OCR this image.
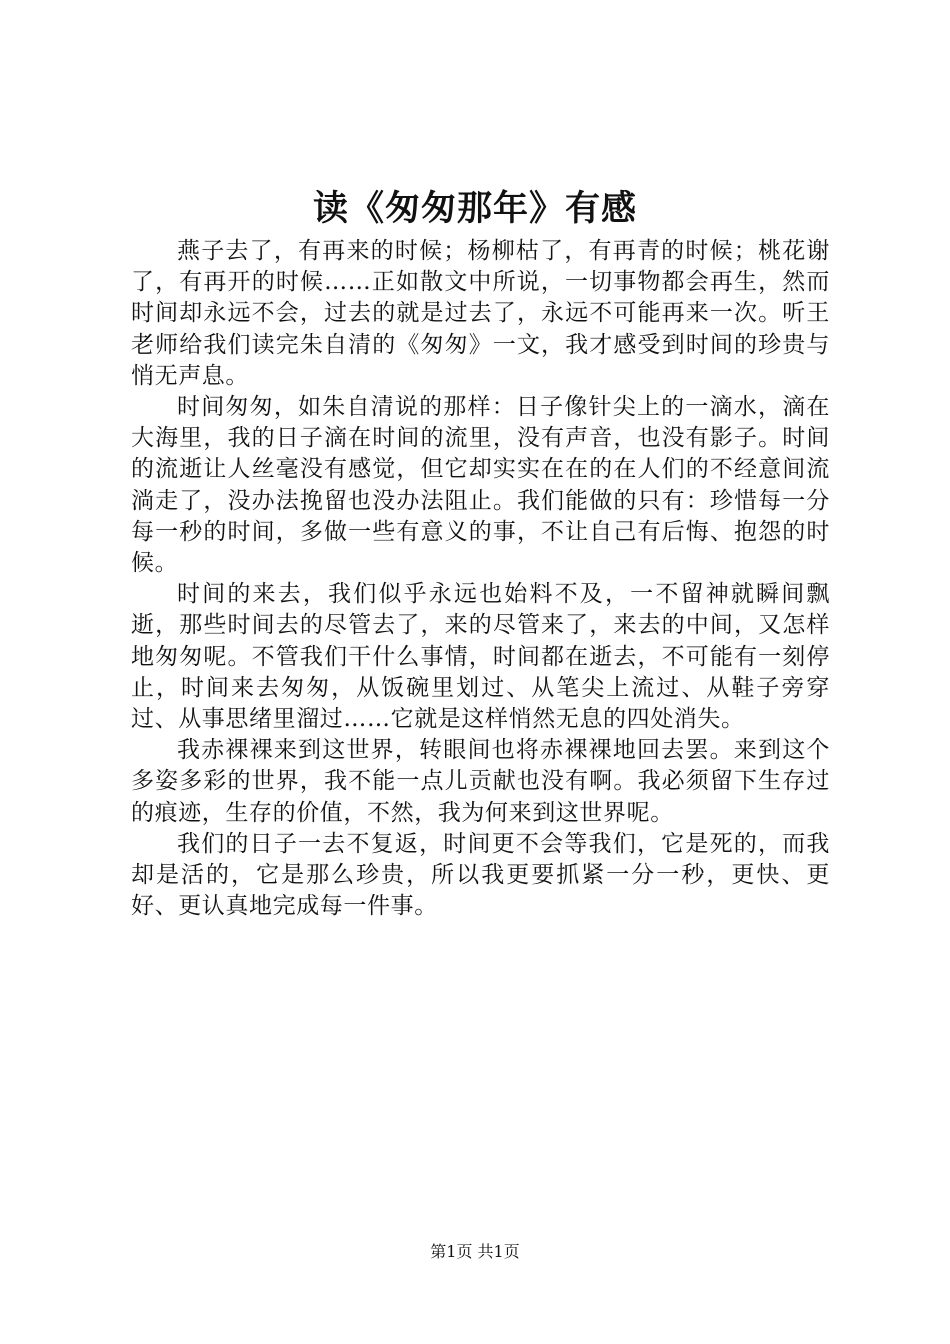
读《匆匆那年》有感

燕子去了，有再来的时候；杨柳枯了，有再青的时候；桃花谢了，有再开的时候……正如散文中所说，一切事物都会再生，然而时间却永远不会，过去的就是过去了，永远不可能再来一次。听王老师给我们读完朱自清的《匆匆》一文，我才感受到时间的珍贵与悄无声息。

时间匆匆，如朱自清说的那样：日子像针尖上的一滴水，滴在大海里，我的日子滴在时间的流里，没有声音，也没有影子。时间的流逝让人丝毫没有感觉，但它却实实在在的在人们的不经意间流淌走了，没办法挽留也没办法阻止。我们能做的只有：珍惜每一分每一秒的时间，多做一些有意义的事，不让自己有后悔、抱怨的时候。

时间的来去，我们似乎永远也始料不及，一不留神就瞬间飘逝，那些时间去的尽管去了，来的尽管来了，来去的中间，又怎样地匆匆呢。不管我们干什么事情，时间都在逝去，不可能有一刻停止，时间来去匆匆，从饭碗里划过、从笔尖上流过、从鞋子旁穿过、从事思绪里溜过……它就是这样悄然无息的四处消失。

我赤裸裸来到这世界，转眼间也将赤裸裸地回去罢。来到这个多姿多彩的世界，我不能一点儿贡献也没有啊。我必须留下生存过的痕迹，生存的价值，不然，我为何来到这世界呢。

我们的日子一去不复返，时间更不会等我们，它是死的，而我却是活的，它是那么珍贵，所以我更要抓紧一分一秒，更快、更好、更认真地完成每一件事。

第1页 共1页
